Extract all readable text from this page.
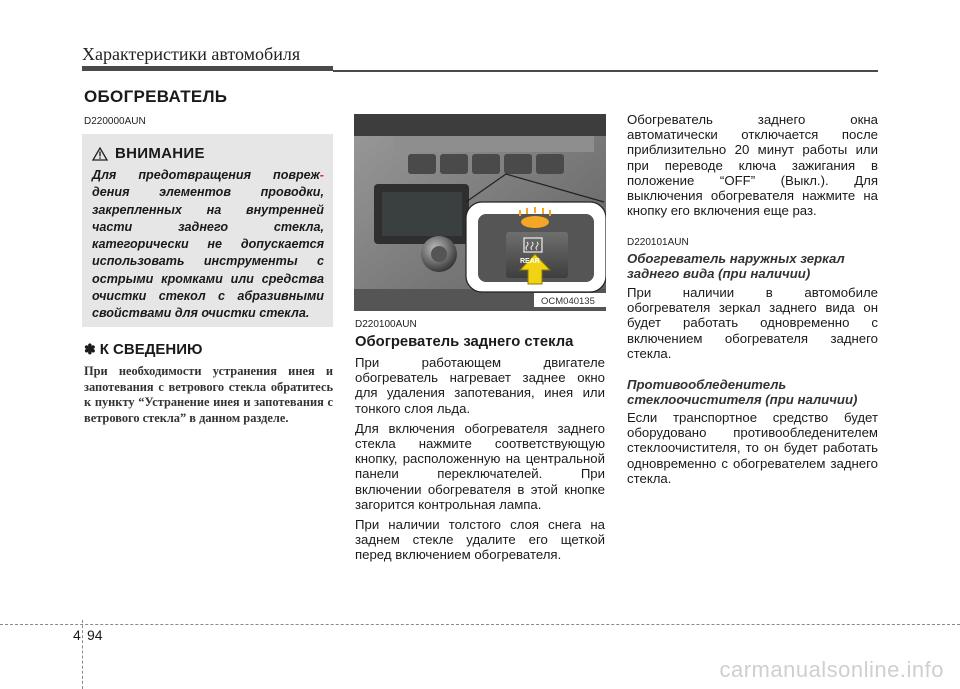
Характеристики автомобиля
ОБОГРЕВАТЕЛЬ
D220000AUN
ВНИМАНИЕ
Для предотвращения повреж- дения элементов проводки, закрепленных на внутренней части заднего стекла, категорически не допускается использовать инструменты с острыми кромками или средства очистки стекол с абразивными свойствами для очистки стекла.
✽ К СВЕДЕНИЮ
При необходимости устранения инея и запотевания с ветрового стекла обратитесь к пункту “Устранение инея и запотевания с ветрового стекла” в данном разделе.
REAR
OCM040135
D220100AUN
Обогреватель заднего стекла

При работающем двигателе обогреватель нагревает заднее окно для удаления запотевания, инея или тонкого слоя льда.

Для включения обогревателя заднего стекла нажмите соответствующую кнопку, расположенную на центральной панели переключателей. При включении обогревателя в этой кнопке загорится контрольная лампа.

При наличии толстого слоя снега на заднем стекле удалите его щеткой перед включением обогревателя.

Обогреватель заднего окна автоматически отключается после приблизительно 20 минут работы или при переводе ключа зажигания в положение “OFF” (Выкл.). Для выключения обогревателя нажмите на кнопку его включения еще раз.

D220101AUN
Обогреватель наружных зеркал заднего вида (при наличии)

При наличии в автомобиле обогревателя зеркал заднего вида он будет работать одновременно с включением обогревателя заднего стекла.

Противообледенитель стеклоочистителя (при наличии)

Если транспортное средство будет оборудовано противообледенителем стеклоочистителя, то он будет работать одновременно с обогревателем заднего стекла.

4 94
carmanualsonline.info
